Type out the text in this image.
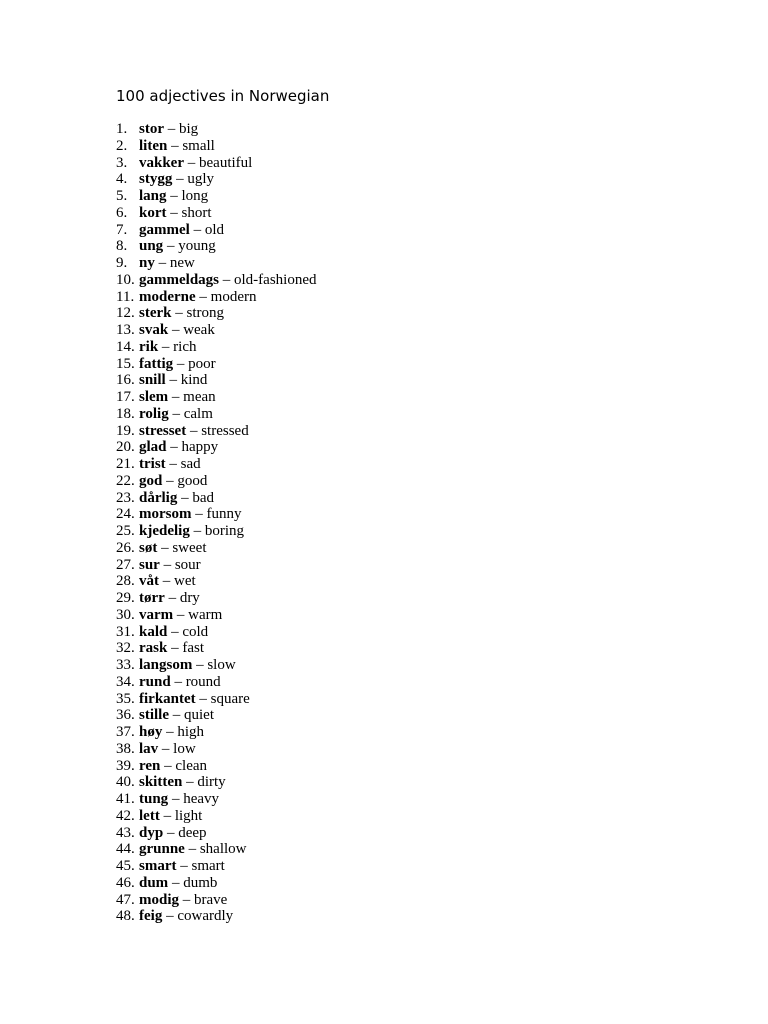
100 adjectives in Norwegian
1. stor – big
2. liten – small
3. vakker – beautiful
4. stygg – ugly
5. lang – long
6. kort – short
7. gammel – old
8. ung – young
9. ny – new
10. gammeldags – old-fashioned
11. moderne – modern
12. sterk – strong
13. svak – weak
14. rik – rich
15. fattig – poor
16. snill – kind
17. slem – mean
18. rolig – calm
19. stresset – stressed
20. glad – happy
21. trist – sad
22. god – good
23. dårlig – bad
24. morsom – funny
25. kjedelig – boring
26. søt – sweet
27. sur – sour
28. våt – wet
29. tørr – dry
30. varm – warm
31. kald – cold
32. rask – fast
33. langsom – slow
34. rund – round
35. firkantet – square
36. stille – quiet
37. høy – high
38. lav – low
39. ren – clean
40. skitten – dirty
41. tung – heavy
42. lett – light
43. dyp – deep
44. grunne – shallow
45. smart – smart
46. dum – dumb
47. modig – brave
48. feig – cowardly
